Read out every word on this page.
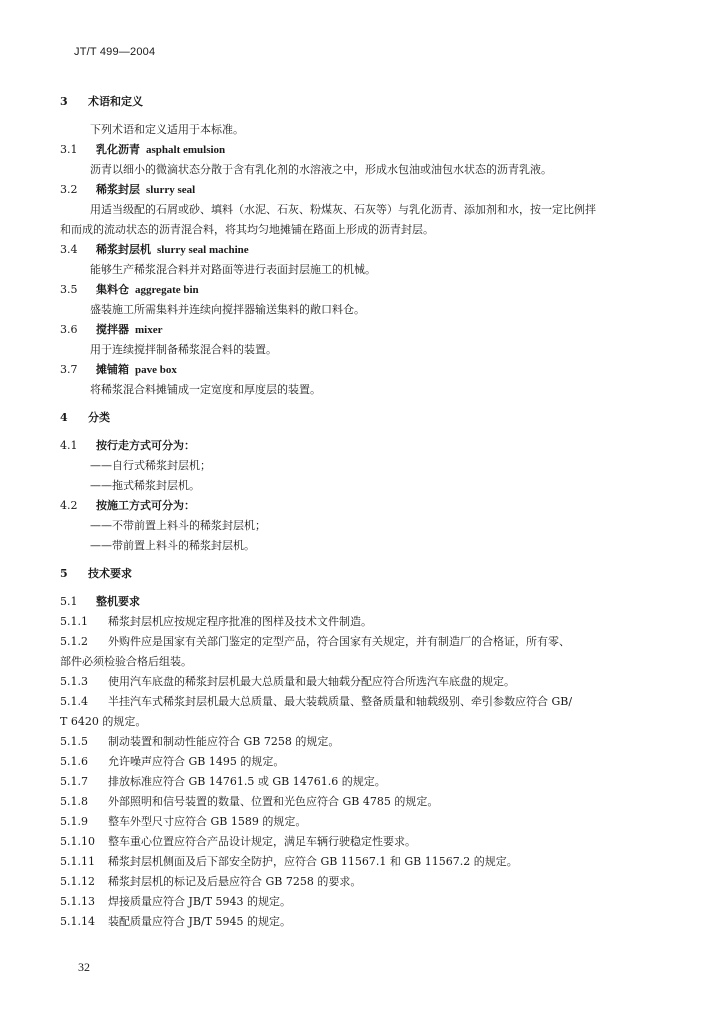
JT/T 499—2004
3 术语和定义
下列术语和定义适用于本标准。
3.1 乳化沥青 asphalt emulsion
沥青以细小的微滴状态分散于含有乳化剂的水溶液之中，形成水包油或油包水状态的沥青乳液。
3.2 稀浆封层 slurry seal
用适当级配的石屑或砂、填料（水泥、石灰、粉煤灰、石灰等）与乳化沥青、添加剂和水，按一定比例拌
和而成的流动状态的沥青混合料，将其均匀地摊铺在路面上形成的沥青封层。
3.4 稀浆封层机 slurry seal machine
能够生产稀浆混合料并对路面等进行表面封层施工的机械。
3.5 集料仓 aggregate bin
盛装施工所需集料并连续向搅拌器输送集料的敞口料仓。
3.6 搅拌器 mixer
用于连续搅拌制备稀浆混合料的装置。
3.7 摊铺箱 pave box
将稀浆混合料摊铺成一定宽度和厚度层的装置。
4 分类
4.1 按行走方式可分为：
——自行式稀浆封层机；
——拖式稀浆封层机。
4.2 按施工方式可分为：
——不带前置上料斗的稀浆封层机；
——带前置上料斗的稀浆封层机。
5 技术要求
5.1 整机要求
5.1.1 稀浆封层机应按规定程序批准的图样及技术文件制造。
5.1.2 外购件应是国家有关部门鉴定的定型产品，符合国家有关规定，并有制造厂的合格证，所有零、
部件必须检验合格后组装。
5.1.3 使用汽车底盘的稀浆封层机最大总质量和最大轴载分配应符合所选汽车底盘的规定。
5.1.4 半挂汽车式稀浆封层机最大总质量、最大装载质量、整备质量和轴载级别、牵引参数应符合 GB/
T 6420 的规定。
5.1.5 制动装置和制动性能应符合 GB 7258 的规定。
5.1.6 允许噪声应符合 GB 1495 的规定。
5.1.7 排放标准应符合 GB 14761.5 或 GB 14761.6 的规定。
5.1.8 外部照明和信号装置的数量、位置和光色应符合 GB 4785 的规定。
5.1.9 整车外型尺寸应符合 GB 1589 的规定。
5.1.10 整车重心位置应符合产品设计规定，满足车辆行驶稳定性要求。
5.1.11 稀浆封层机侧面及后下部安全防护，应符合 GB 11567.1 和 GB 11567.2 的规定。
5.1.12 稀浆封层机的标记及后悬应符合 GB 7258 的要求。
5.1.13 焊接质量应符合 JB/T 5943 的规定。
5.1.14 装配质量应符合 JB/T 5945 的规定。
32
